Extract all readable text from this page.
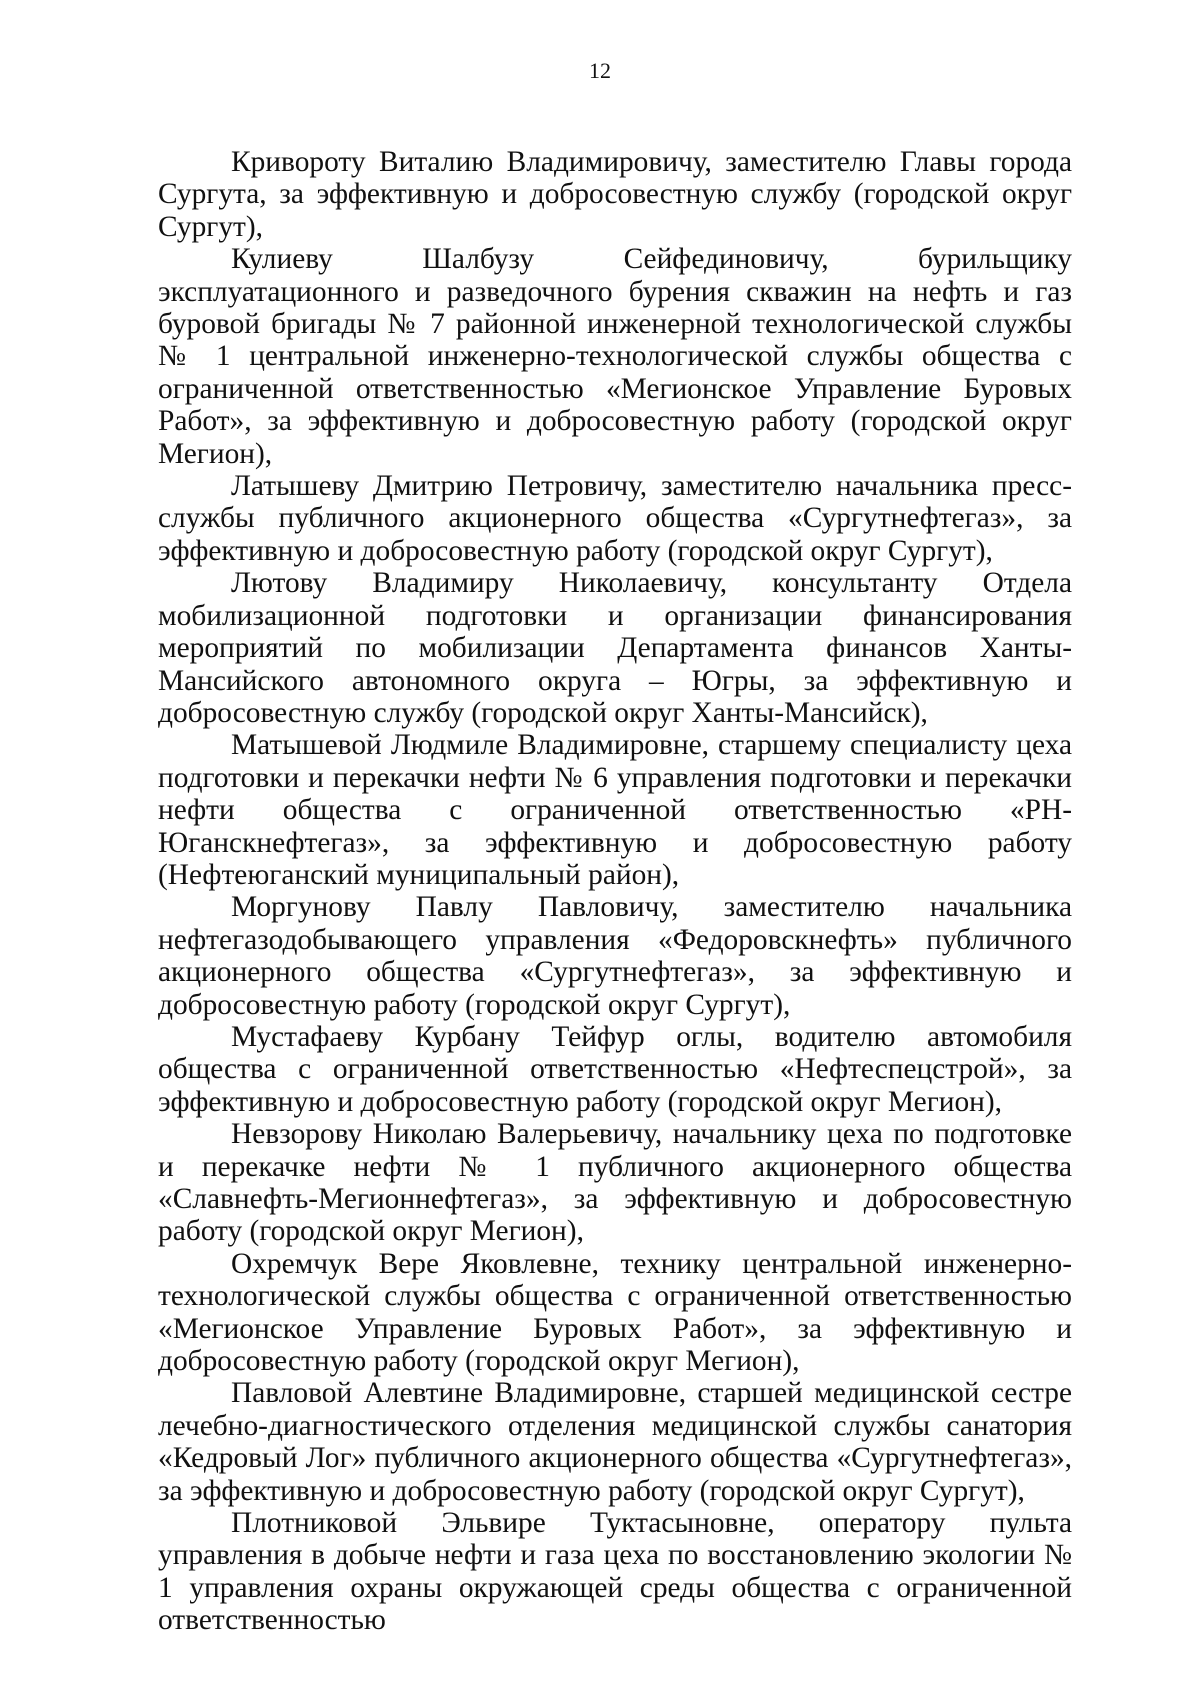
12

Кривороту Виталию Владимировичу, заместителю Главы города Сургута, за эффективную и добросовестную службу (городской округ Сургут),

Кулиеву Шалбузу Сейфединовичу, бурильщику эксплуатационного и разведочного бурения скважин на нефть и газ буровой бригады № 7 районной инженерной технологической службы № 1 центральной инженерно-технологической службы общества с ограниченной ответственностью «Мегионское Управление Буровых Работ», за эффективную и добросовестную работу (городской округ Мегион),

Латышеву Дмитрию Петровичу, заместителю начальника пресс-службы публичного акционерного общества «Сургутнефтегаз», за эффективную и добросовестную работу (городской округ Сургут),

Лютову Владимиру Николаевичу, консультанту Отдела мобилизационной подготовки и организации финансирования мероприятий по мобилизации Департамента финансов Ханты-Мансийского автономного округа – Югры, за эффективную и добросовестную службу (городской округ Ханты-Мансийск),

Матышевой Людмиле Владимировне, старшему специалисту цеха подготовки и перекачки нефти № 6 управления подготовки и перекачки нефти общества с ограниченной ответственностью «РН-Юганскнефтегаз», за эффективную и добросовестную работу (Нефтеюганский муниципальный район),

Моргунову Павлу Павловичу, заместителю начальника нефтегазодобывающего управления «Федоровскнефть» публичного акционерного общества «Сургутнефтегаз», за эффективную и добросовестную работу (городской округ Сургут),

Мустафаеву Курбану Тейфур оглы, водителю автомобиля общества с ограниченной ответственностью «Нефтеспецстрой», за эффективную и добросовестную работу (городской округ Мегион),

Невзорову Николаю Валерьевичу, начальнику цеха по подготовке и перекачке нефти № 1 публичного акционерного общества «Славнефть-Мегионнефтегаз», за эффективную и добросовестную работу (городской округ Мегион),

Охремчук Вере Яковлевне, технику центральной инженерно-технологической службы общества с ограниченной ответственностью «Мегионское Управление Буровых Работ», за эффективную и добросовестную работу (городской округ Мегион),

Павловой Алевтине Владимировне, старшей медицинской сестре лечебно-диагностического отделения медицинской службы санатория «Кедровый Лог» публичного акционерного общества «Сургутнефтегаз», за эффективную и добросовестную работу (городской округ Сургут),

Плотниковой Эльвире Туктасыновне, оператору пульта управления в добыче нефти и газа цеха по восстановлению экологии № 1 управления охраны окружающей среды общества с ограниченной ответственностью
